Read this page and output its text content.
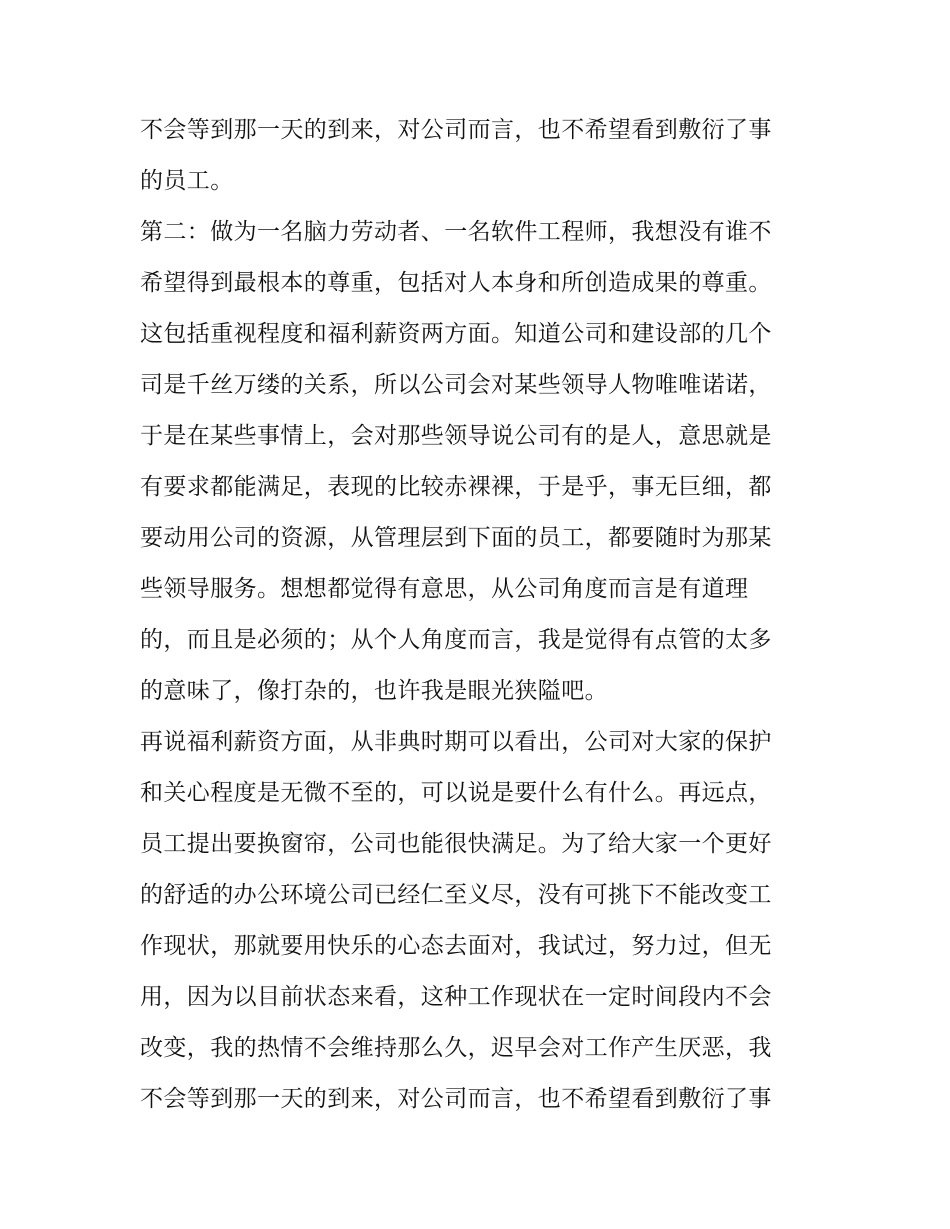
不会等到那一天的到来，对公司而言，也不希望看到敷衍了事
的员工。
第二：做为一名脑力劳动者、一名软件工程师，我想没有谁不
希望得到最根本的尊重，包括对人本身和所创造成果的尊重。
这包括重视程度和福利薪资两方面。知道公司和建设部的几个
司是千丝万缕的关系，所以公司会对某些领导人物唯唯诺诺，
于是在某些事情上，会对那些领导说公司有的是人，意思就是
有要求都能满足，表现的比较赤裸裸，于是乎，事无巨细，都
要动用公司的资源，从管理层到下面的员工，都要随时为那某
些领导服务。想想都觉得有意思，从公司角度而言是有道理
的，而且是必须的；从个人角度而言，我是觉得有点管的太多
的意味了，像打杂的，也许我是眼光狭隘吧。
再说福利薪资方面，从非典时期可以看出，公司对大家的保护
和关心程度是无微不至的，可以说是要什么有什么。再远点，
员工提出要换窗帘，公司也能很快满足。为了给大家一个更好
的舒适的办公环境公司已经仁至义尽，没有可挑下不能改变工
作现状，那就要用快乐的心态去面对，我试过，努力过，但无
用，因为以目前状态来看，这种工作现状在一定时间段内不会
改变，我的热情不会维持那么久，迟早会对工作产生厌恶，我
不会等到那一天的到来，对公司而言，也不希望看到敷衍了事
